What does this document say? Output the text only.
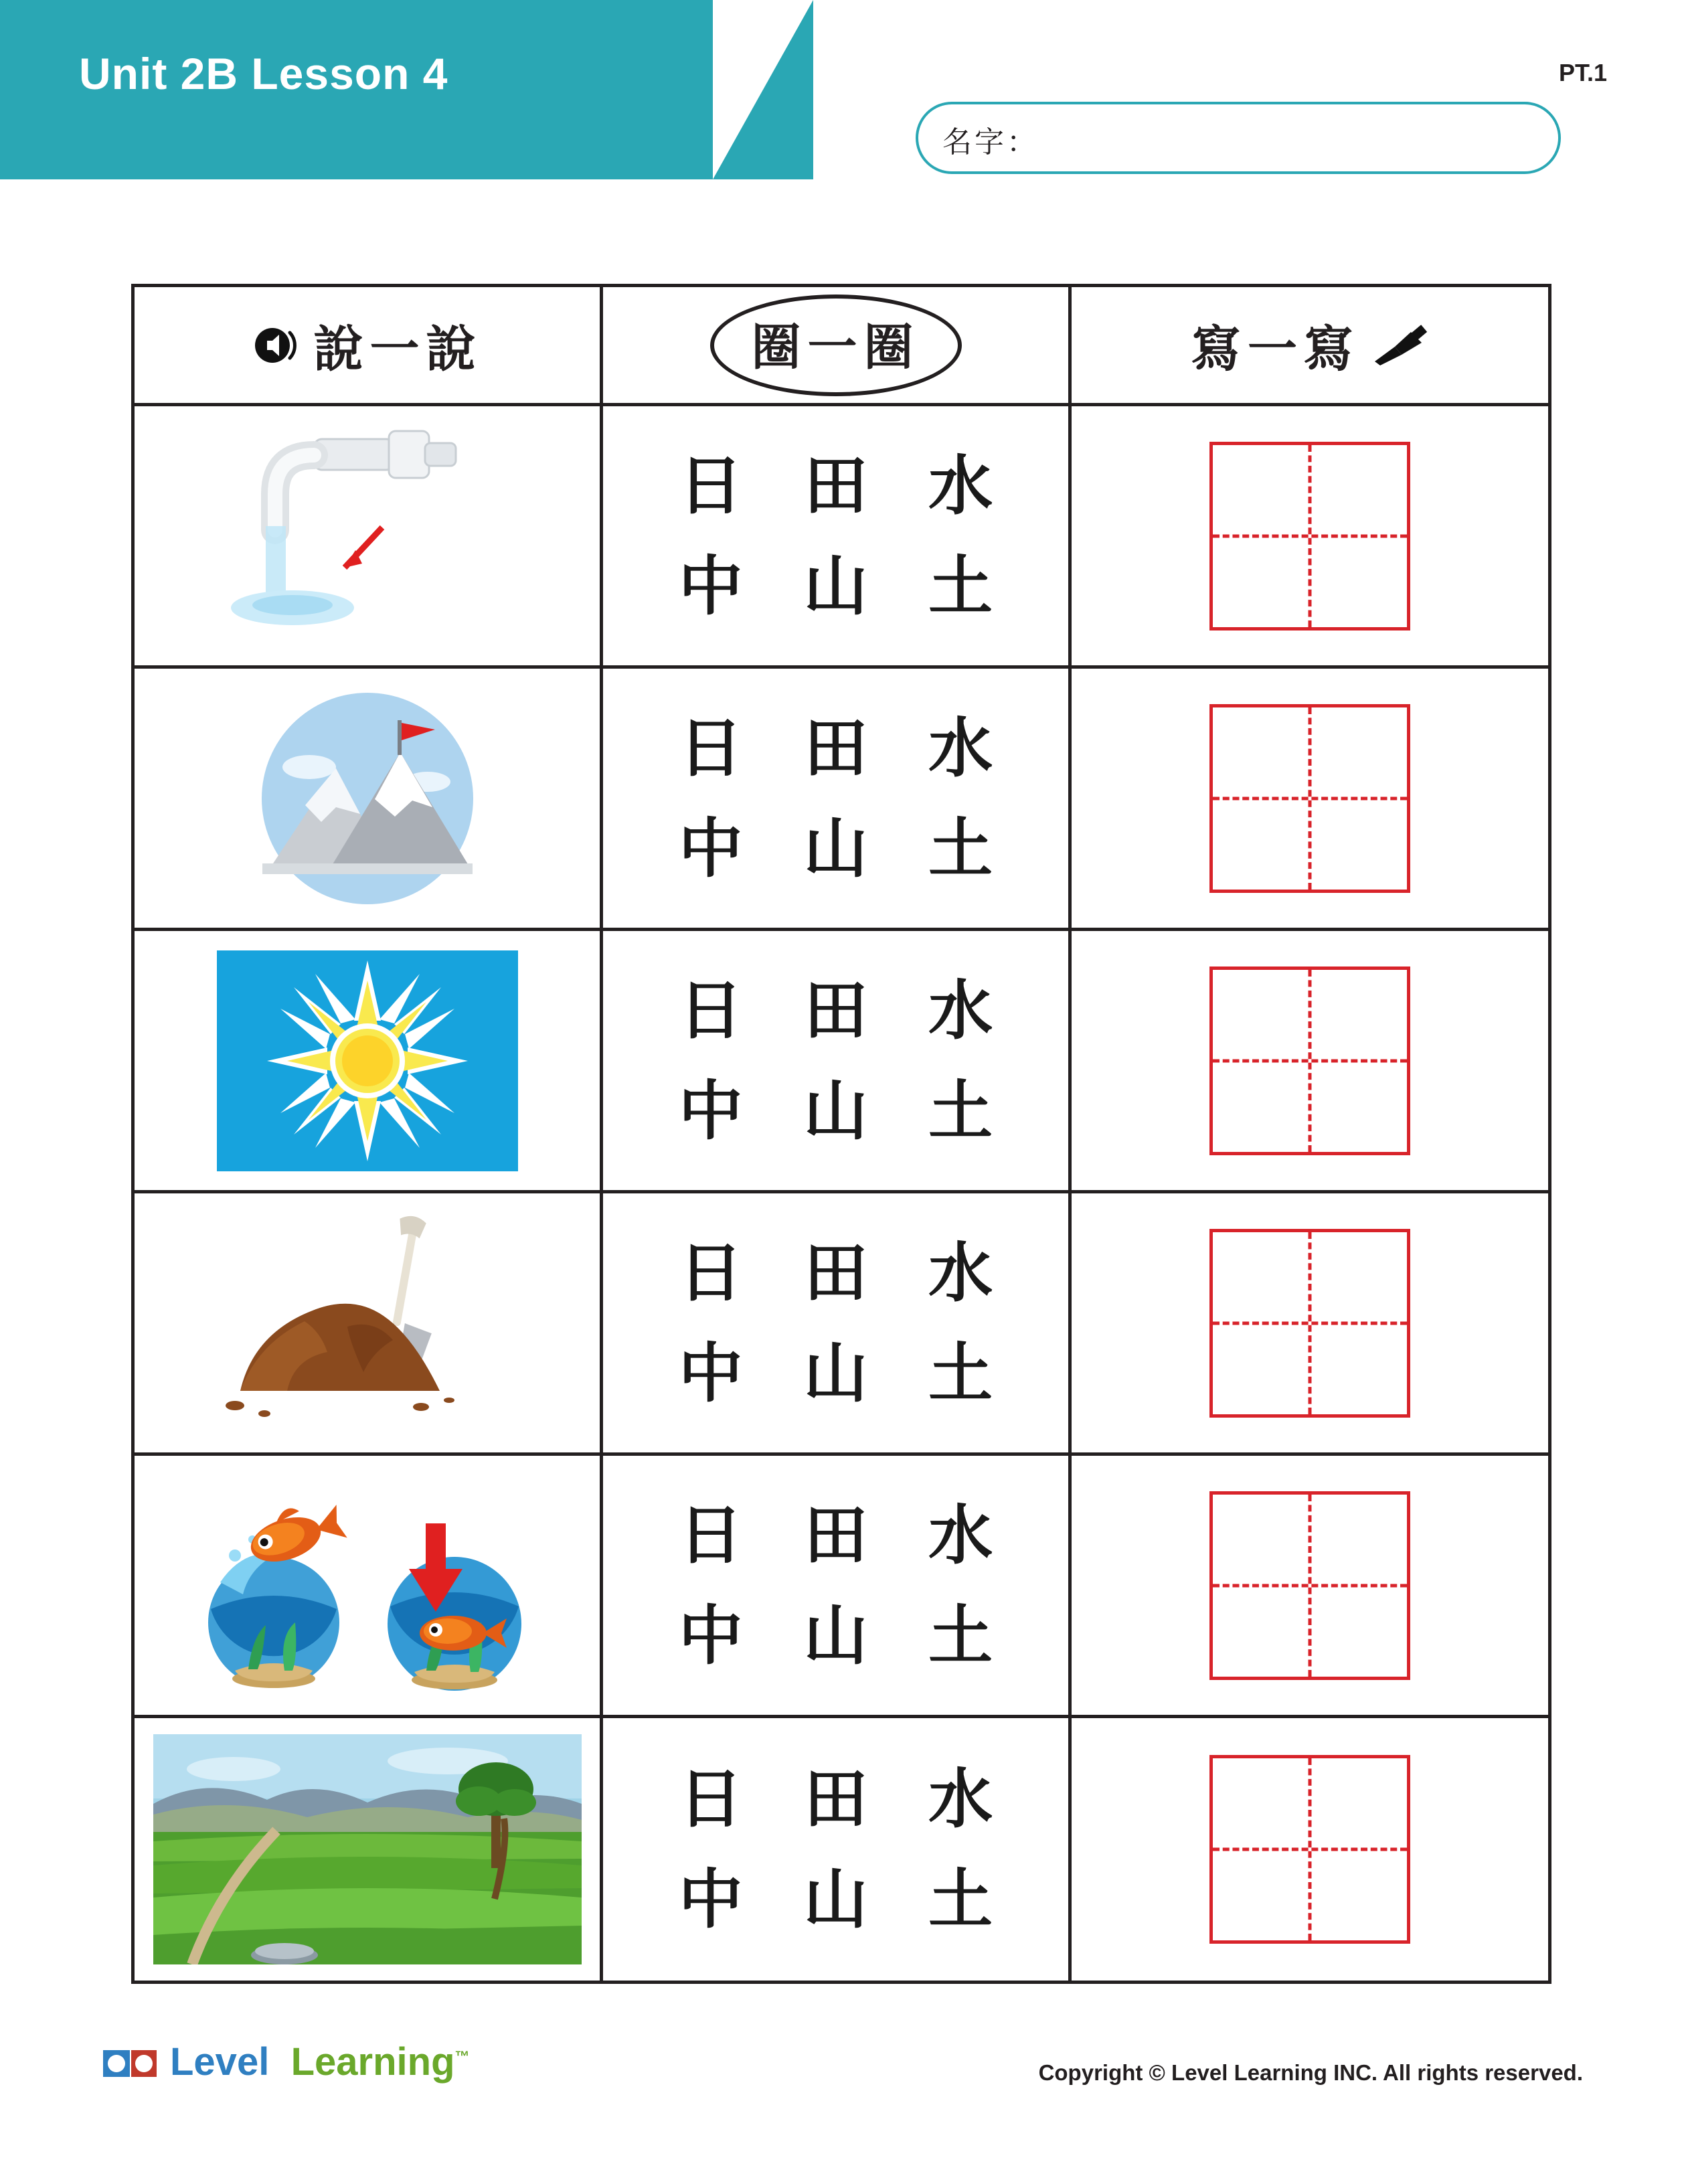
Unit 2B Lesson 4	PT.1
名字：
說一說	圈一圈	寫一寫
日 田 水
中 山 土
日 田 水
中 山 土
日 田 水
中 山 土
日 田 水
中 山 土
日 田 水
中 山 土
日 田 水
中 山 土
Level Learning™
Copyright © Level Learning INC. All rights reserved.
